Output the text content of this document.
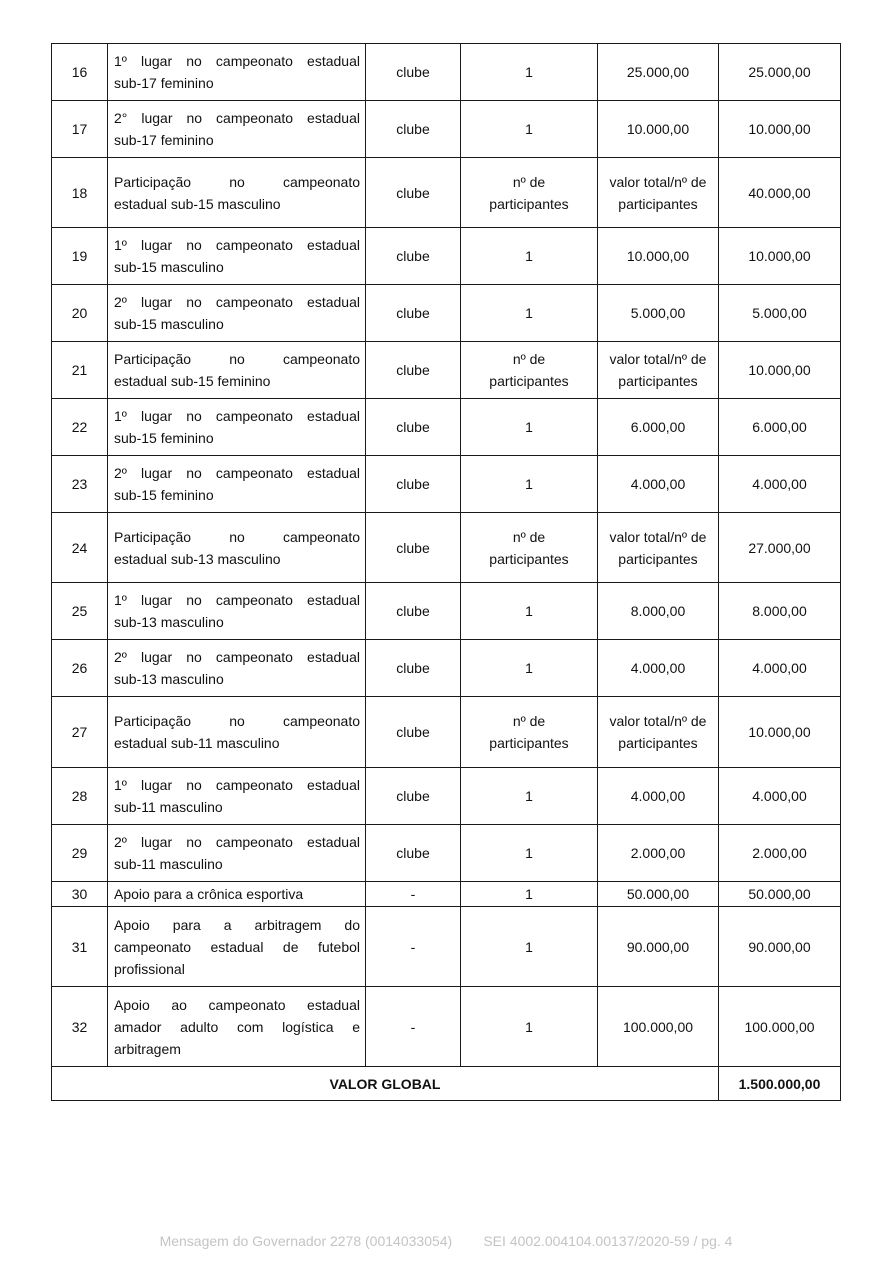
16	1º lugar no campeonato estadual
sub-17 feminino	clube	1	25.000,00	25.000,00
17	2° lugar no campeonato estadual
sub-17 feminino	clube	1	10.000,00	10.000,00
18	Participação no campeonato
estadual sub-15 masculino	clube	nº de
participantes	valor total/nº de
participantes	40.000,00
19	1º lugar no campeonato estadual
sub-15 masculino	clube	1	10.000,00	10.000,00
20	2º lugar no campeonato estadual
sub-15 masculino	clube	1	5.000,00	5.000,00
21	Participação no campeonato
estadual sub-15 feminino	clube	nº de
participantes	valor total/nº de
participantes	10.000,00
22	1º lugar no campeonato estadual
sub-15 feminino	clube	1	6.000,00	6.000,00
23	2º lugar no campeonato estadual
sub-15 feminino	clube	1	4.000,00	4.000,00
24	Participação no campeonato
estadual sub-13 masculino	clube	nº de
participantes	valor total/nº de
participantes	27.000,00
25	1º lugar no campeonato estadual
sub-13 masculino	clube	1	8.000,00	8.000,00
26	2º lugar no campeonato estadual
sub-13 masculino	clube	1	4.000,00	4.000,00
27	Participação no campeonato
estadual sub-11 masculino	clube	nº de
participantes	valor total/nº de
participantes	10.000,00
28	1º lugar no campeonato estadual
sub-11 masculino	clube	1	4.000,00	4.000,00
29	2º lugar no campeonato estadual
sub-11 masculino	clube	1	2.000,00	2.000,00
30	Apoio para a crônica esportiva	-	1	50.000,00	50.000,00
31	Apoio para a arbitragem do
campeonato estadual de futebol
profissional	-	1	90.000,00	90.000,00
32	Apoio ao campeonato estadual
amador adulto com logística e
arbitragem	-	1	100.000,00	100.000,00
VALOR GLOBAL					1.500.000,00
Mensagem do Governador 2278 (0014033054)        SEI 4002.004104.00137/2020-59 / pg. 4
